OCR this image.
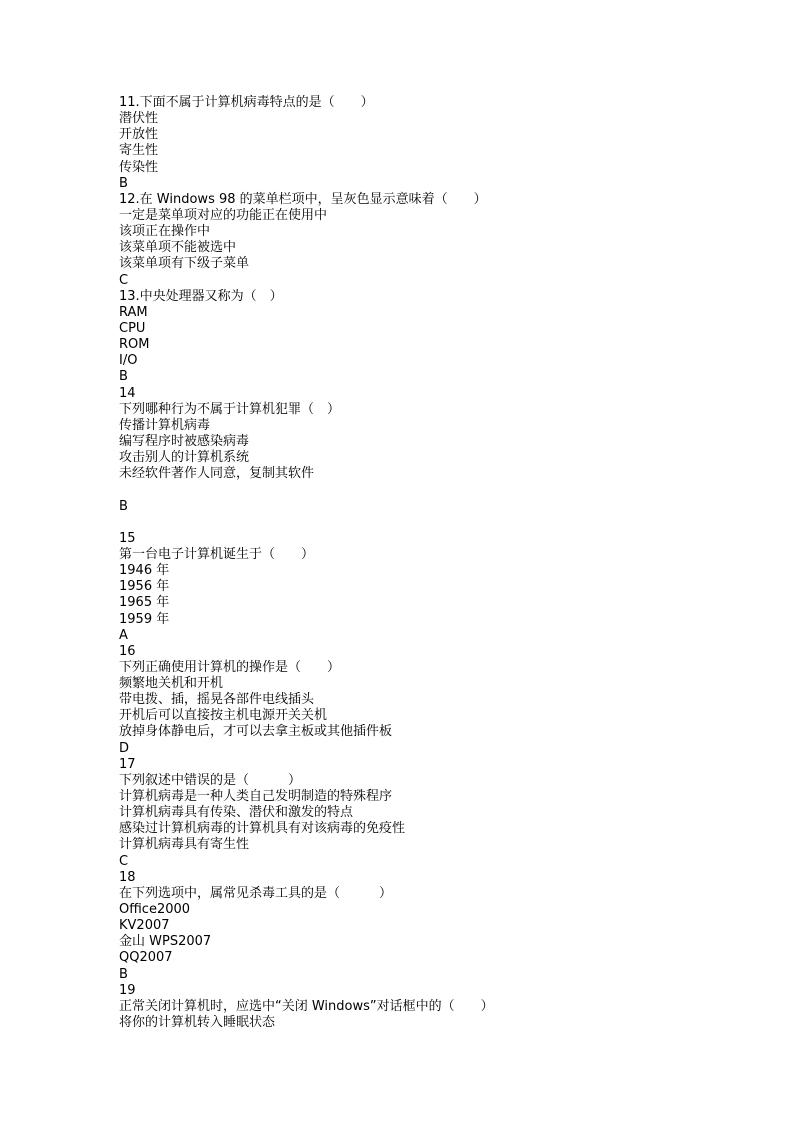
11.下面不属于计算机病毒特点的是（　　）
潜伏性
开放性
寄生性
传染性
B
12.在 Windows 98 的菜单栏项中，呈灰色显示意味着（　　）
一定是菜单项对应的功能正在使用中
该项正在操作中
该菜单项不能被选中
该菜单项有下级子菜单
C
13.中央处理器又称为（　）
RAM
CPU
ROM
I/O
B
14
下列哪种行为不属于计算机犯罪（　）
传播计算机病毒
编写程序时被感染病毒
攻击别人的计算机系统
未经软件著作人同意，复制其软件
B
15
第一台电子计算机诞生于（　　）
1946 年
1956 年
1965 年
1959 年
A
16
下列正确使用计算机的操作是（　　）
频繁地关机和开机
带电拨、插，摇晃各部件电线插头
开机后可以直接按主机电源开关关机
放掉身体静电后，才可以去拿主板或其他插件板
D
17
下列叙述中错误的是（　　　）
计算机病毒是一种人类自己发明制造的特殊程序
计算机病毒具有传染、潜伏和激发的特点
感染过计算机病毒的计算机具有对该病毒的免疫性
计算机病毒具有寄生性
C
18
在下列选项中，属常见杀毒工具的是（　　　）
Office2000
KV2007
金山 WPS2007
QQ2007
B
19
正常关闭计算机时，应选中“关闭 Windows”对话框中的（　　）
将你的计算机转入睡眠状态
